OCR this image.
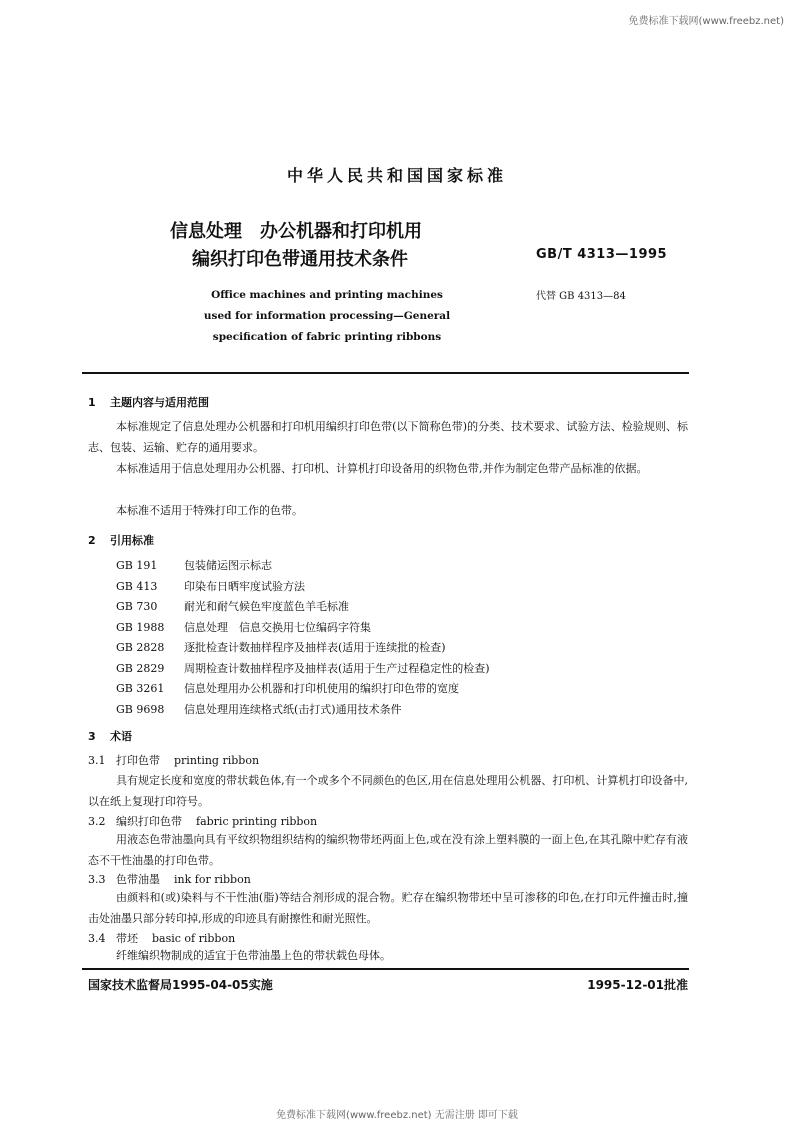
免费标准下载网(www.freebz.net)
中华人民共和国国家标准
信息处理　办公机器和打印机用
编织打印色带通用技术条件	GB/T 4313—1995
代替 GB 4313—84
Office machines and printing machines
used for information processing—General
specification of fabric printing ribbons
1 主题内容与适用范围
本标准规定了信息处理办公机器和打印机用编织打印色带(以下简称色带)的分类、技术要求、试验方法、检验规则、标志、包装、运输、贮存的通用要求。
本标准适用于信息处理用办公机器、打印机、计算机打印设备用的织物色带,并作为制定色带产品标准的依据。
本标准不适用于特殊打印工作的色带。
2 引用标准
GB 191	包装储运图示标志
GB 413	印染布日晒牢度试验方法
GB 730	耐光和耐气候色牢度蓝色羊毛标准
GB 1988	信息处理　信息交换用七位编码字符集
GB 2828	逐批检查计数抽样程序及抽样表(适用于连续批的检查)
GB 2829	周期检查计数抽样程序及抽样表(适用于生产过程稳定性的检查)
GB 3261	信息处理用办公机器和打印机使用的编织打印色带的宽度
GB 9698	信息处理用连续格式纸(击打式)通用技术条件
3 术语
3.1 打印色带 printing ribbon
具有规定长度和宽度的带状载色体,有一个或多个不同颜色的色区,用在信息处理用公机器、打印机、计算机打印设备中,以在纸上复现打印符号。
3.2 编织打印色带 fabric printing ribbon
用液态色带油墨向具有平纹织物组织结构的编织物带坯两面上色,或在没有涂上塑料膜的一面上色,在其孔隙中贮存有液态不干性油墨的打印色带。
3.3 色带油墨 ink for ribbon
由颜料和(或)染料与不干性油(脂)等结合剂形成的混合物。贮存在编织物带坯中呈可渗移的印色,在打印元件撞击时,撞击处油墨只部分转印掉,形成的印迹具有耐擦性和耐光照性。
3.4 带坯 basic of ribbon
纤维编织物制成的适宜于色带油墨上色的带状载色母体。
国家技术监督局1995-04-05实施	1995-12-01批准
免费标准下载网(www.freebz.net) 无需注册 即可下载
